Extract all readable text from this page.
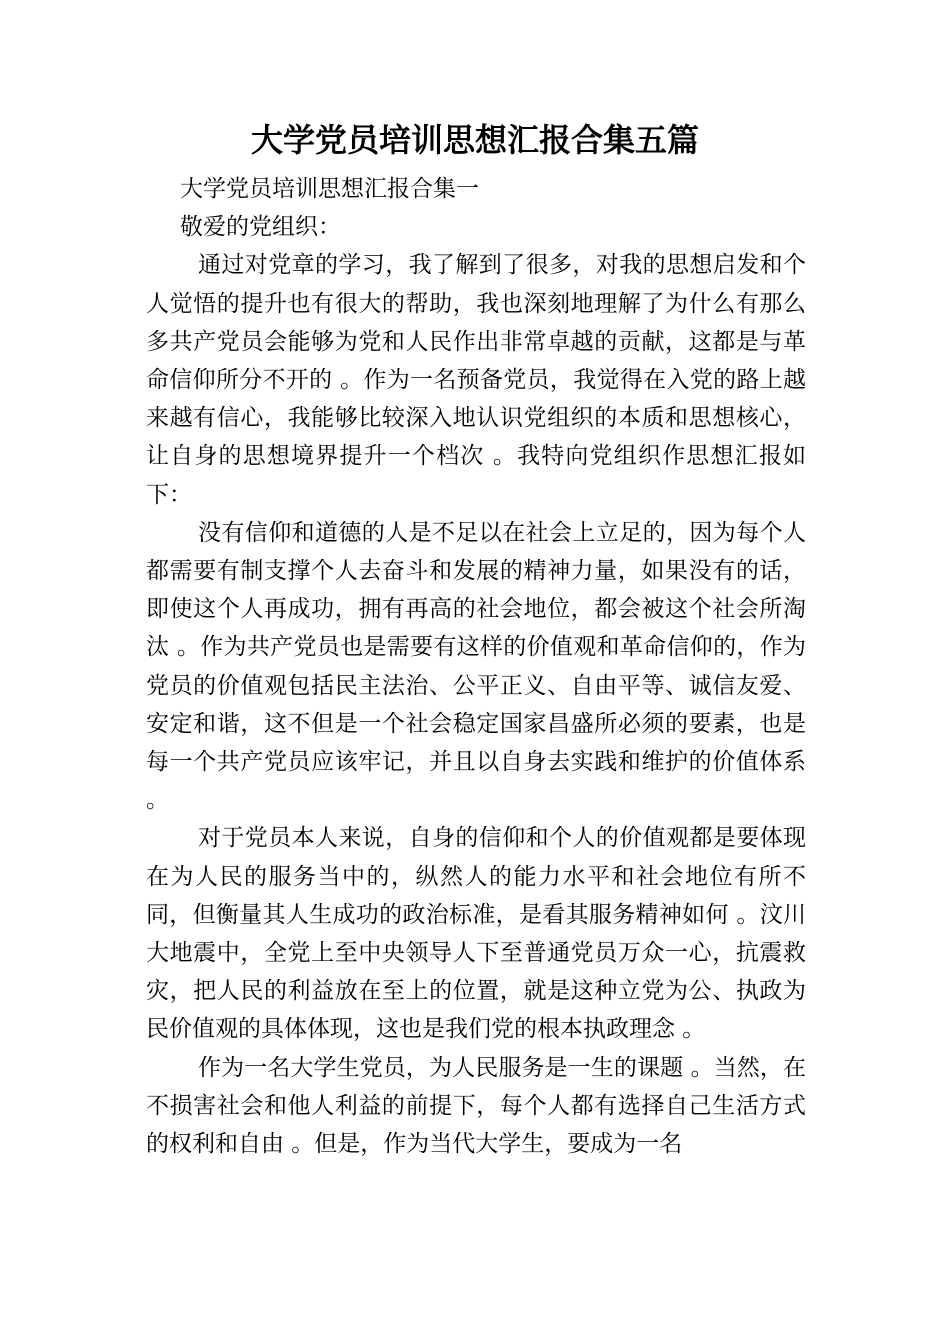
大学党员培训思想汇报合集五篇

大学党员培训思想汇报合集一

敬爱的党组织：

通过对党章的学习，我了解到了很多，对我的思想启发和个人觉悟的提升也有很大的帮助，我也深刻地理解了为什么有那么多共产党员会能够为党和人民作出非常卓越的贡献，这都是与革命信仰所分不开的 。作为一名预备党员，我觉得在入党的路上越来越有信心，我能够比较深入地认识党组织的本质和思想核心，让自身的思想境界提升一个档次 。我特向党组织作思想汇报如下：

没有信仰和道德的人是不足以在社会上立足的，因为每个人都需要有制支撑个人去奋斗和发展的精神力量，如果没有的话，即使这个人再成功，拥有再高的社会地位，都会被这个社会所淘汰 。作为共产党员也是需要有这样的价值观和革命信仰的，作为党员的价值观包括民主法治、公平正义、自由平等、诚信友爱、安定和谐，这不但是一个社会稳定国家昌盛所必须的要素，也是每一个共产党员应该牢记，并且以自身去实践和维护的价值体系 。

对于党员本人来说，自身的信仰和个人的价值观都是要体现在为人民的服务当中的，纵然人的能力水平和社会地位有所不同，但衡量其人生成功的政治标准，是看其服务精神如何 。汶川大地震中，全党上至中央领导人下至普通党员万众一心，抗震救灾，把人民的利益放在至上的位置，就是这种立党为公、执政为民价值观的具体体现，这也是我们党的根本执政理念 。

作为一名大学生党员，为人民服务是一生的课题 。当然，在不损害社会和他人利益的前提下，每个人都有选择自己生活方式的权利和自由 。但是，作为当代大学生，要成为一名
